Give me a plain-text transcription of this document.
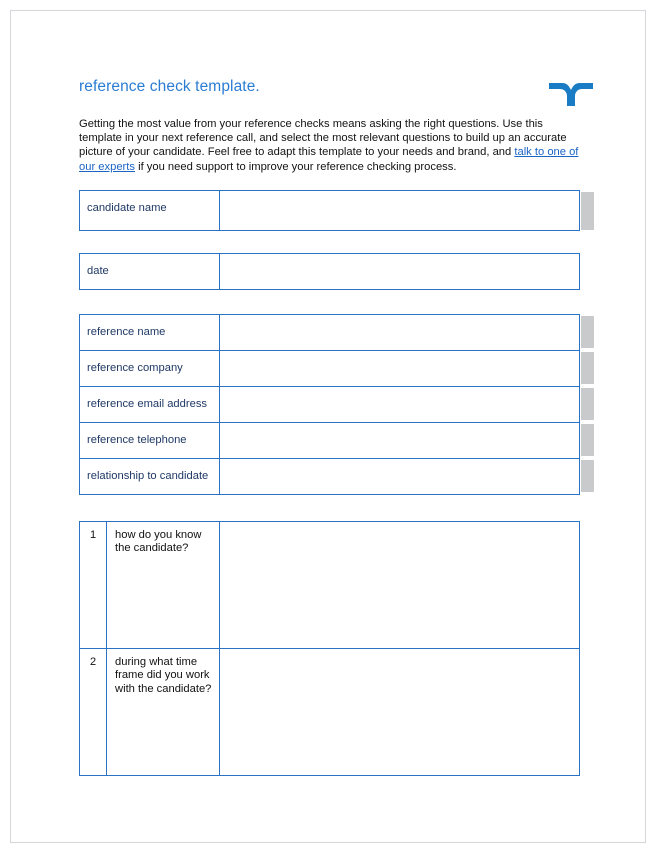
reference check template.

Getting the most value from your reference checks means asking the right questions. Use this template in your next reference call, and select the most relevant questions to build up an accurate picture of your candidate. Feel free to adapt this template to your needs and brand, and talk to one of our experts if you need support to improve your reference checking process.

candidate name	
date	
reference name	
reference company	
reference email address	
reference telephone	
relationship to candidate	
1	how do you know the candidate?	
2	during what time frame did you work with the candidate?	
